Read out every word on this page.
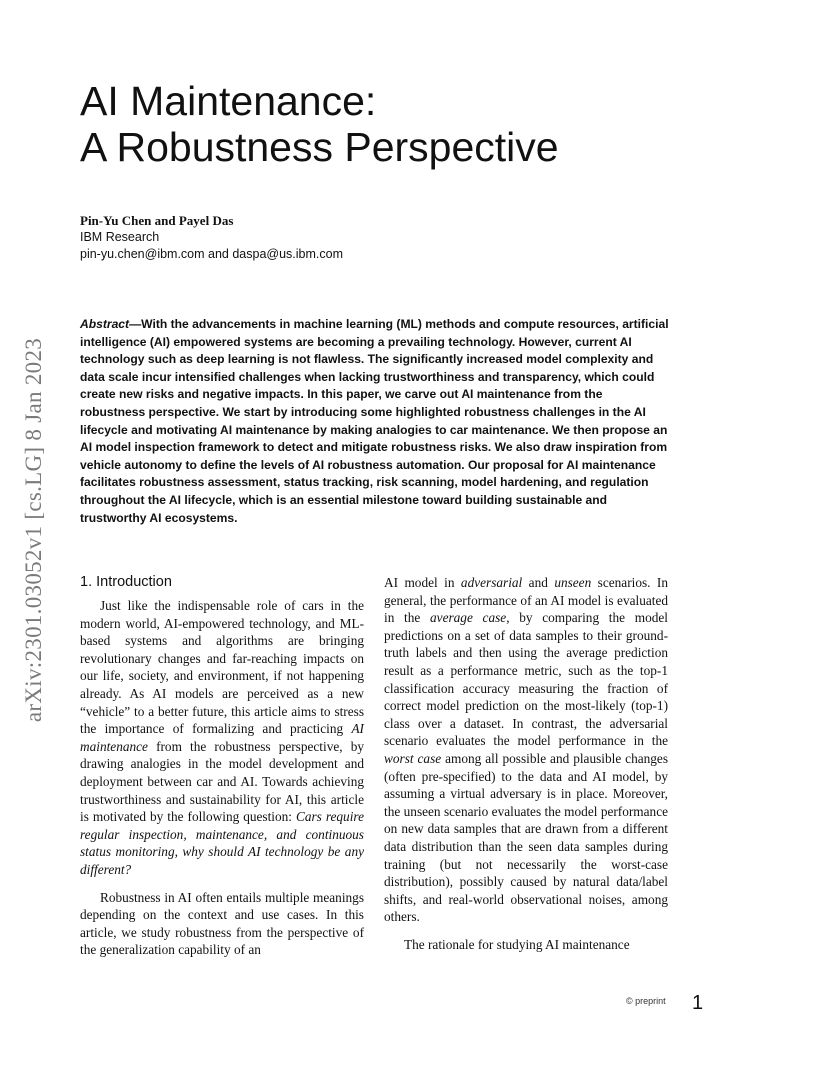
arXiv:2301.03052v1 [cs.LG] 8 Jan 2023
AI Maintenance:
A Robustness Perspective
Pin-Yu Chen and Payel Das
IBM Research
pin-yu.chen@ibm.com and daspa@us.ibm.com
Abstract—With the advancements in machine learning (ML) methods and compute resources, artificial intelligence (AI) empowered systems are becoming a prevailing technology. However, current AI technology such as deep learning is not flawless. The significantly increased model complexity and data scale incur intensified challenges when lacking trustworthiness and transparency, which could create new risks and negative impacts. In this paper, we carve out AI maintenance from the robustness perspective. We start by introducing some highlighted robustness challenges in the AI lifecycle and motivating AI maintenance by making analogies to car maintenance. We then propose an AI model inspection framework to detect and mitigate robustness risks. We also draw inspiration from vehicle autonomy to define the levels of AI robustness automation. Our proposal for AI maintenance facilitates robustness assessment, status tracking, risk scanning, model hardening, and regulation throughout the AI lifecycle, which is an essential milestone toward building sustainable and trustworthy AI ecosystems.
1. Introduction

Just like the indispensable role of cars in the modern world, AI-empowered technology, and ML-based systems and algorithms are bringing revolutionary changes and far-reaching impacts on our life, society, and environment, if not happening already. As AI models are perceived as a new “vehicle” to a better future, this article aims to stress the importance of formalizing and practicing AI maintenance from the robustness perspective, by drawing analogies in the model development and deployment between car and AI. Towards achieving trustworthiness and sustainability for AI, this article is motivated by the following question: Cars require regular inspection, maintenance, and continuous status monitoring, why should AI technology be any different?

Robustness in AI often entails multiple meanings depending on the context and use cases. In this article, we study robustness from the perspective of the generalization capability of an

AI model in adversarial and unseen scenarios. In general, the performance of an AI model is evaluated in the average case, by comparing the model predictions on a set of data samples to their ground-truth labels and then using the average prediction result as a performance metric, such as the top-1 classification accuracy measuring the fraction of correct model prediction on the most-likely (top-1) class over a dataset. In contrast, the adversarial scenario evaluates the model performance in the worst case among all possible and plausible changes (often pre-specified) to the data and AI model, by assuming a virtual adversary is in place. Moreover, the unseen scenario evaluates the model performance on new data samples that are drawn from a different data distribution than the seen data samples during training (but not necessarily the worst-case distribution), possibly caused by natural data/label shifts, and real-world observational noises, among others.

The rationale for studying AI maintenance

© preprint 1
